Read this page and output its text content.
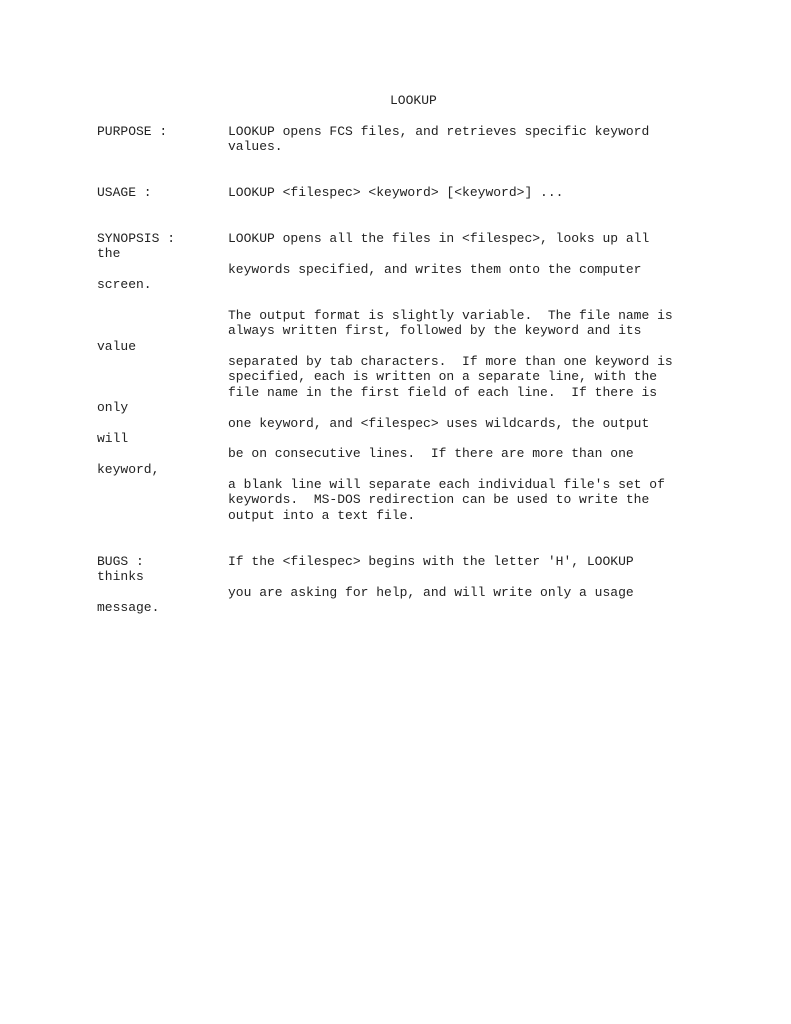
LOOKUP
PURPOSE :	LOOKUP opens FCS files, and retrieves specific keyword
values.
USAGE :	LOOKUP <filespec> <keyword> [<keyword>] ...
SYNOPSIS :	LOOKUP opens all the files in <filespec>, looks up all
the
keywords specified, and writes them onto the computer
screen.
The output format is slightly variable.  The file name is
always written first, followed by the keyword and its
value
separated by tab characters.  If more than one keyword is
specified, each is written on a separate line, with the
file name in the first field of each line.  If there is
only
one keyword, and <filespec> uses wildcards, the output
will
be on consecutive lines.  If there are more than one
keyword,
a blank line will separate each individual file's set of
keywords.  MS-DOS redirection can be used to write the
output into a text file.
BUGS :	If the <filespec> begins with the letter 'H', LOOKUP
thinks
you are asking for help, and will write only a usage
message.
